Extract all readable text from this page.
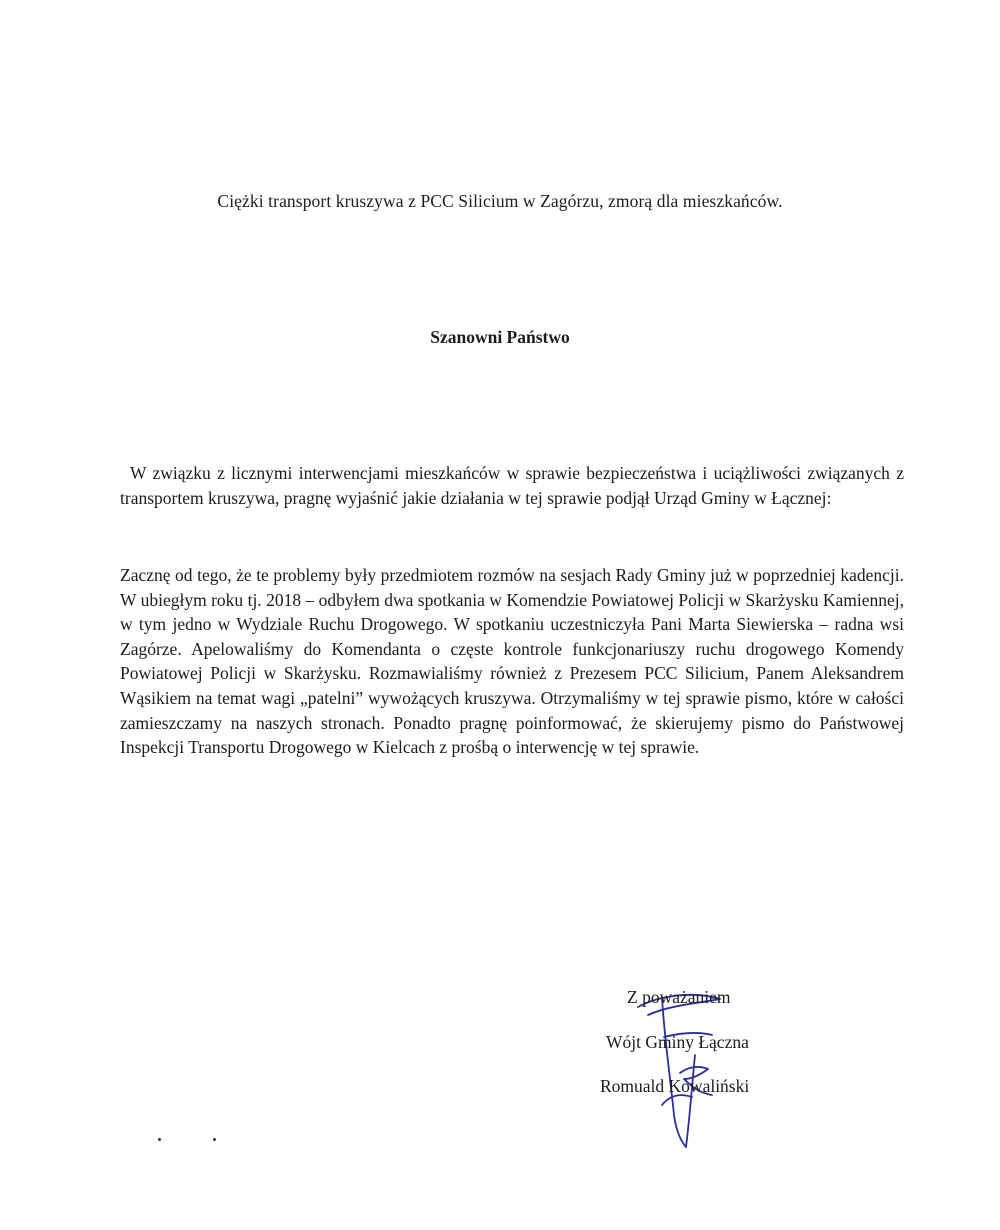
Ciężki transport kruszywa z PCC Silicium w Zagórzu, zmorą dla mieszkańców.
Szanowni Państwo
W związku z licznymi interwencjami mieszkańców w sprawie bezpieczeństwa i uciążliwości związanych z transportem kruszywa, pragnę wyjaśnić jakie działania w tej sprawie podjął Urząd Gminy w Łącznej:
Zacznę od tego, że te problemy były przedmiotem rozmów na sesjach Rady Gminy już w poprzedniej kadencji. W ubiegłym roku tj. 2018 – odbyłem dwa spotkania w Komendzie Powiatowej Policji w Skarżysku Kamiennej, w tym jedno w Wydziale Ruchu Drogowego. W spotkaniu uczestniczyła Pani Marta Siewierska – radna wsi Zagórze. Apelowaliśmy do Komendanta o częste kontrole funkcjonariuszy ruchu drogowego Komendy Powiatowej Policji w Skarżysku. Rozmawialiśmy również z Prezesem PCC Silicium, Panem Aleksandrem Wąsikiem na temat wagi „patelni” wywożących kruszywa. Otrzymaliśmy w tej sprawie pismo, które w całości zamieszczamy na naszych stronach. Ponadto pragnę poinformować, że skierujemy pismo do Państwowej Inspekcji Transportu Drogowego w Kielcach z prośbą o interwencję w tej sprawie.
Z poważaniem
Wójt Gminy Łączna
Romuald Kowaliński
